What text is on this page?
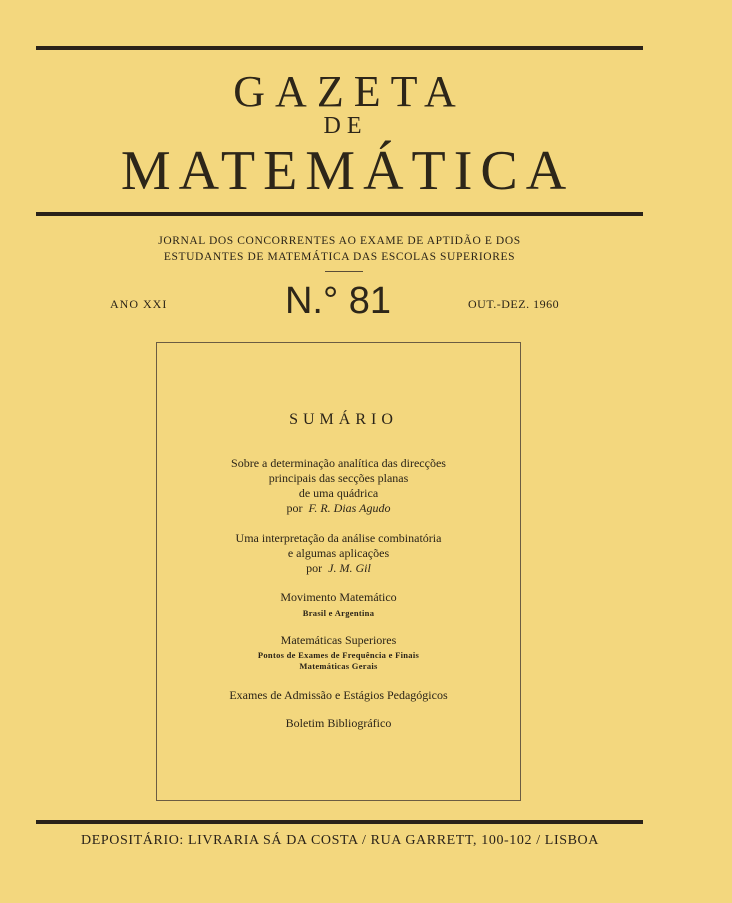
GAZETA
DE
MATEMÁTICA
JORNAL DOS CONCORRENTES AO EXAME DE APTIDÃO E DOS
ESTUDANTES DE MATEMÁTICA DAS ESCOLAS SUPERIORES
ANO XXI	N.° 81	OUT.-DEZ. 1960
SUMÁRIO
Sobre a determinação analítica das direcções
principais das secções planas
de uma quádrica
por F. R. Dias Agudo
Uma interpretação da análise combinatória
e algumas aplicações
por J. M. Gil
Movimento Matemático
Brasil e Argentina
Matemáticas Superiores
Pontos de Exames de Frequência e Finais
Matemáticas Gerais
Exames de Admissão e Estágios Pedagógicos
Boletim Bibliográfico
DEPOSITÁRIO: LIVRARIA SÁ DA COSTA / RUA GARRETT, 100-102 / LISBOA
